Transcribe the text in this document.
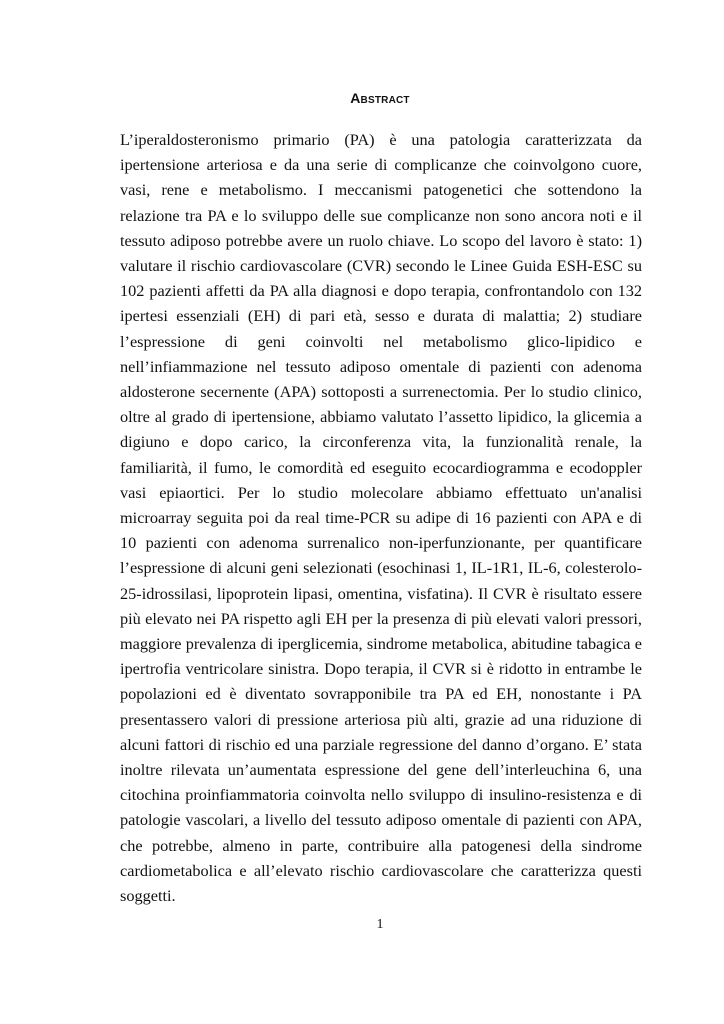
Abstract

L’iperaldosteronismo primario (PA) è una patologia caratterizzata da ipertensione arteriosa e da una serie di complicanze che coinvolgono cuore, vasi, rene e metabolismo. I meccanismi patogenetici che sottendono la relazione tra PA e lo sviluppo delle sue complicanze non sono ancora noti e il tessuto adiposo potrebbe avere un ruolo chiave. Lo scopo del lavoro è stato: 1) valutare il rischio cardiovascolare (CVR) secondo le Linee Guida ESH-ESC su 102 pazienti affetti da PA alla diagnosi e dopo terapia, confrontandolo con 132 ipertesi essenziali (EH) di pari età, sesso e durata di malattia; 2) studiare l’espressione di geni coinvolti nel metabolismo glico-lipidico e nell’infiammazione nel tessuto adiposo omentale di pazienti con adenoma aldosterone secernente (APA) sottoposti a surrenectomia. Per lo studio clinico, oltre al grado di ipertensione, abbiamo valutato l’assetto lipidico, la glicemia a digiuno e dopo carico, la circonferenza vita, la funzionalità renale, la familiarità, il fumo, le comordità ed eseguito ecocardiogramma e ecodoppler vasi epiaortici. Per lo studio molecolare abbiamo effettuato un'analisi microarray seguita poi da real time-PCR su adipe di 16 pazienti con APA e di 10 pazienti con adenoma surrenalico non-iperfunzionante, per quantificare l’espressione di alcuni geni selezionati (esochinasi 1, IL-1R1, IL-6, colesterolo-25-idrossilasi, lipoprotein lipasi, omentina, visfatina). Il CVR è risultato essere più elevato nei PA rispetto agli EH per la presenza di più elevati valori pressori, maggiore prevalenza di iperglicemia, sindrome metabolica, abitudine tabagica e ipertrofia ventricolare sinistra. Dopo terapia, il CVR si è ridotto in entrambe le popolazioni ed è diventato sovrapponibile tra PA ed EH, nonostante i PA presentassero valori di pressione arteriosa più alti, grazie ad una riduzione di alcuni fattori di rischio ed una parziale regressione del danno d’organo. E’ stata inoltre rilevata un’aumentata espressione del gene dell’interleuchina 6, una citochina proinfiammatoria coinvolta nello sviluppo di insulino-resistenza e di patologie vascolari, a livello del tessuto adiposo omentale di pazienti con APA, che potrebbe, almeno in parte, contribuire alla patogenesi della sindrome cardiometabolica e all’elevato rischio cardiovascolare che caratterizza questi soggetti.

1
